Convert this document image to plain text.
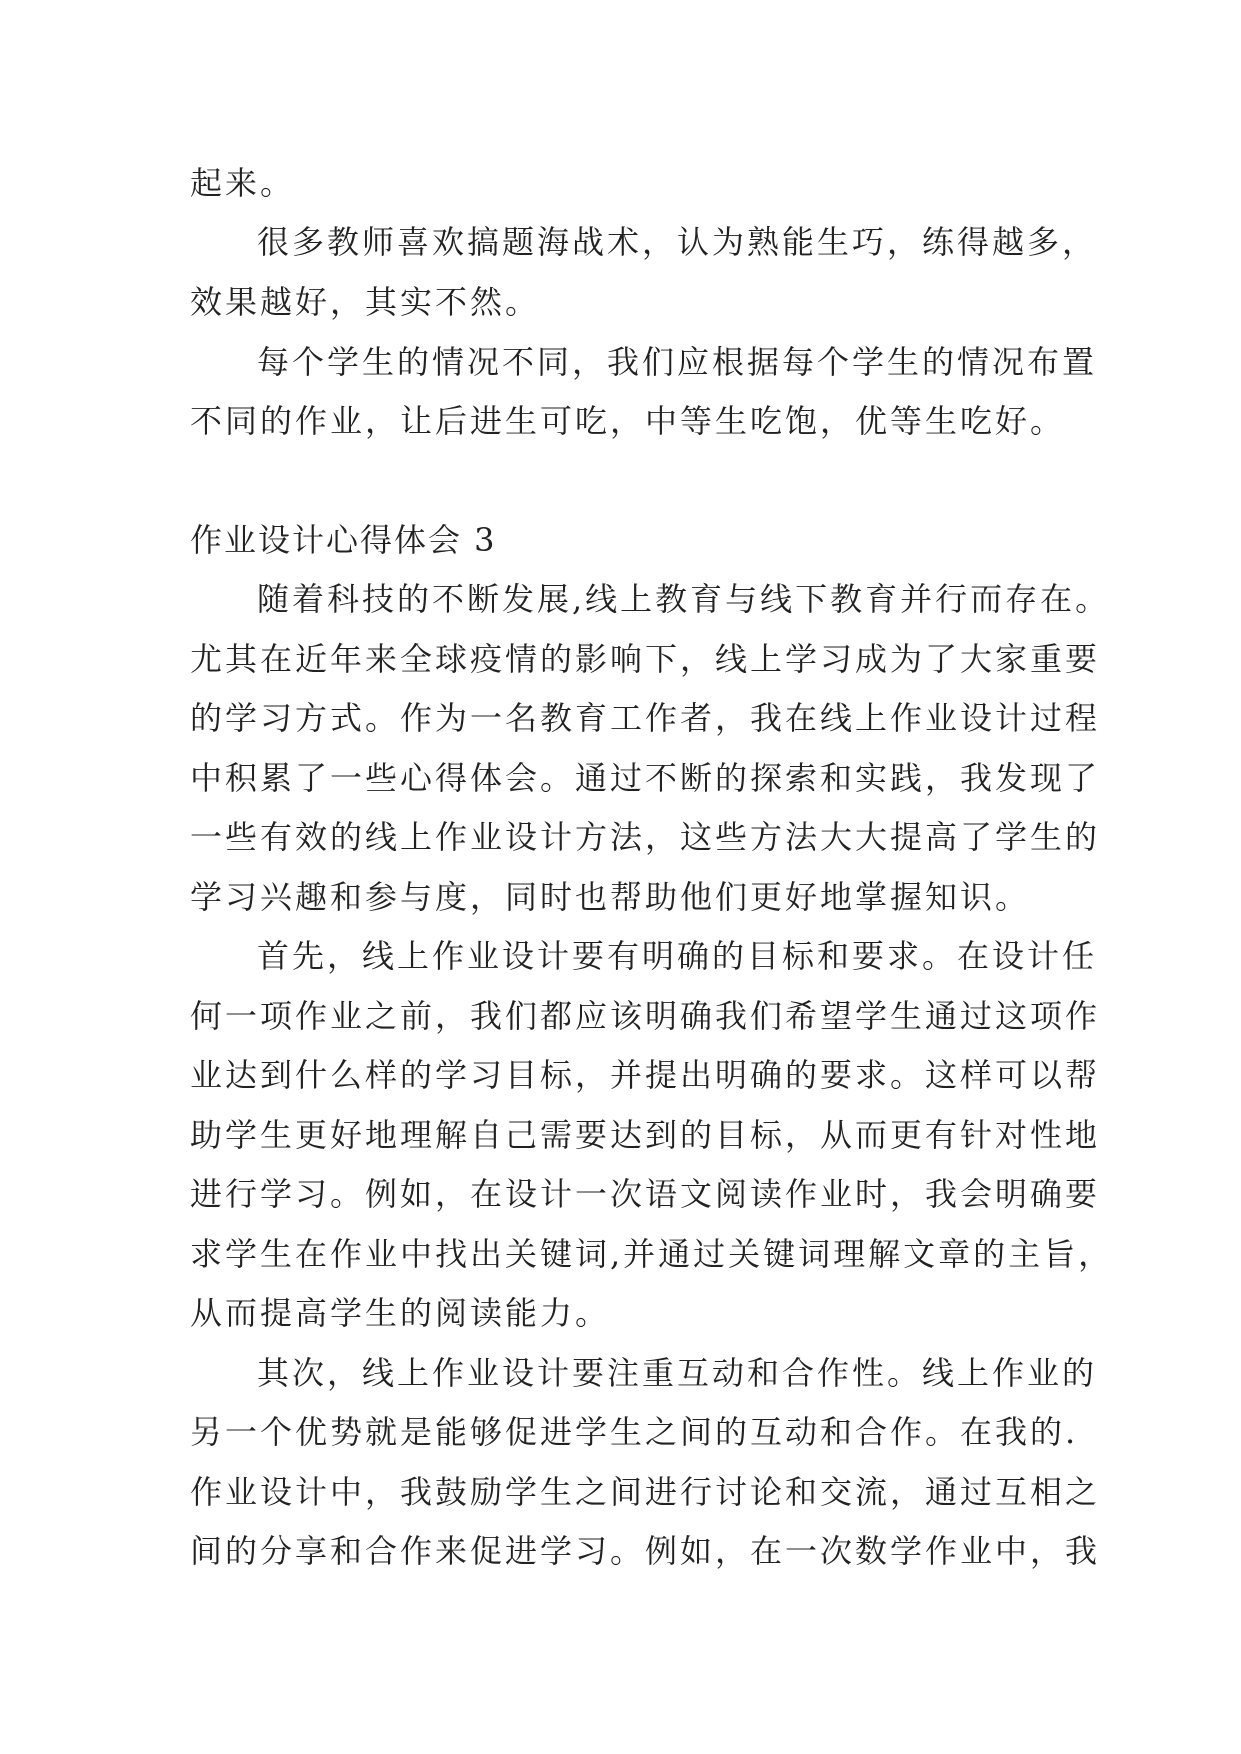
起来。
很多教师喜欢搞题海战术，认为熟能生巧，练得越多，
效果越好，其实不然。
每个学生的情况不同，我们应根据每个学生的情况布置
不同的作业，让后进生可吃，中等生吃饱，优等生吃好。
作业设计心得体会 3
随着科技的不断发展,线上教育与线下教育并行而存在。
尤其在近年来全球疫情的影响下，线上学习成为了大家重要
的学习方式。作为一名教育工作者，我在线上作业设计过程
中积累了一些心得体会。通过不断的探索和实践，我发现了
一些有效的线上作业设计方法，这些方法大大提高了学生的
学习兴趣和参与度，同时也帮助他们更好地掌握知识。
首先，线上作业设计要有明确的目标和要求。在设计任
何一项作业之前，我们都应该明确我们希望学生通过这项作
业达到什么样的学习目标，并提出明确的要求。这样可以帮
助学生更好地理解自己需要达到的目标，从而更有针对性地
进行学习。例如，在设计一次语文阅读作业时，我会明确要
求学生在作业中找出关键词,并通过关键词理解文章的主旨，
从而提高学生的阅读能力。
其次，线上作业设计要注重互动和合作性。线上作业的
另一个优势就是能够促进学生之间的互动和合作。在我的.
作业设计中，我鼓励学生之间进行讨论和交流，通过互相之
间的分享和合作来促进学习。例如，在一次数学作业中，我
